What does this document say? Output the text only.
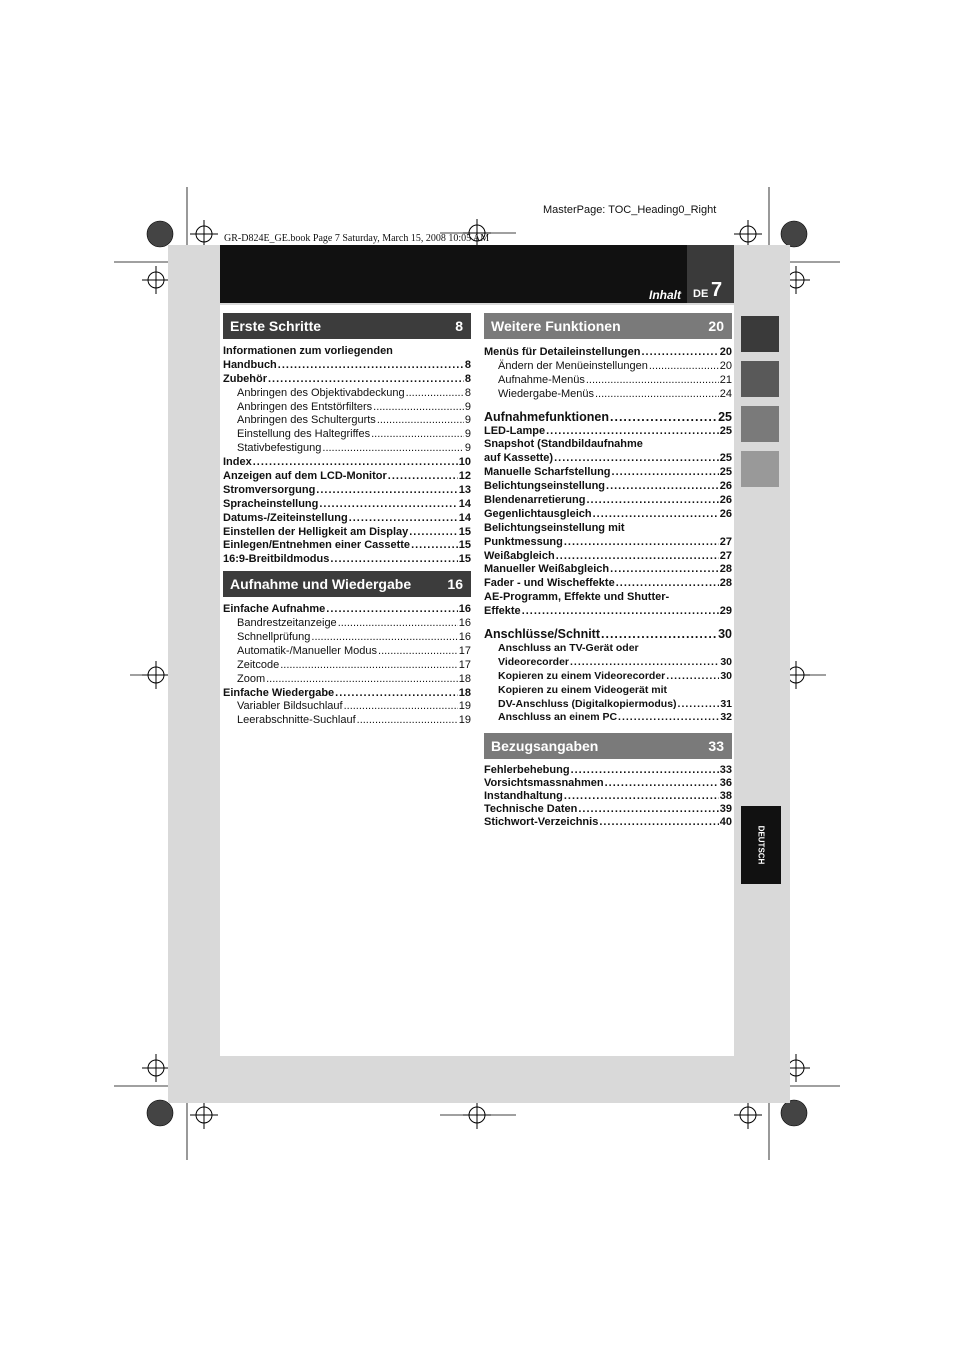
MasterPage: TOC_Heading0_Right
GR-D824E_GE.book Page 7 Saturday, March 15, 2008 10:05 AM
Inhalt DE 7
DEUTSCH
Erste Schritte	8
Informationen zum vorliegenden
Handbuch .....	8
Zubehör .....	8
Anbringen des Objektivabdeckung .....	8
Anbringen des Entstörfilters .....	9
Anbringen des Schultergurts .....	9
Einstellung des Haltegriffes .....	9
Stativbefestigung .....	9
Index .....	10
Anzeigen auf dem LCD-Monitor .....	12
Stromversorgung .....	13
Spracheinstellung .....	14
Datums-/Zeiteinstellung .....	14
Einstellen der Helligkeit am Display .....	15
Einlegen/Entnehmen einer Cassette .....	15
16:9-Breitbildmodus .....	15
Aufnahme und Wiedergabe	16
Einfache Aufnahme .....	16
Bandrestzeitanzeige .....	16
Schnellprüfung .....	16
Automatik-/Manueller Modus .....	17
Zeitcode .....	17
Zoom .....	18
Einfache Wiedergabe .....	18
Variabler Bildsuchlauf .....	19
Leerabschnitte-Suchlauf .....	19
Weitere Funktionen	20
Menüs für Detaileinstellungen .....	20
Ändern der Menüeinstellungen .....	20
Aufnahme-Menüs .....	21
Wiedergabe-Menüs .....	24
Aufnahmefunktionen .....	25
LED-Lampe .....	25
Snapshot (Standbildaufnahme
auf Kassette) .....	25
Manuelle Scharfstellung .....	25
Belichtungseinstellung .....	26
Blendenarretierung .....	26
Gegenlichtausgleich .....	26
Belichtungseinstellung mit
Punktmessung .....	27
Weißabgleich .....	27
Manueller Weißabgleich .....	28
Fader - und Wischeffekte .....	28
AE-Programm, Effekte und Shutter-
Effekte .....	29
Anschlüsse/Schnitt .....	30
Anschluss an TV-Gerät oder
Videorecorder .....	30
Kopieren zu einem Videorecorder .....	30
Kopieren zu einem Videogerät mit
DV-Anschluss (Digitalkopiermodus) .....	31
Anschluss an einem PC .....	32
Bezugsangaben	33
Fehlerbehebung .....	33
Vorsichtsmassnahmen .....	36
Instandhaltung .....	38
Technische Daten .....	39
Stichwort-Verzeichnis .....	40
